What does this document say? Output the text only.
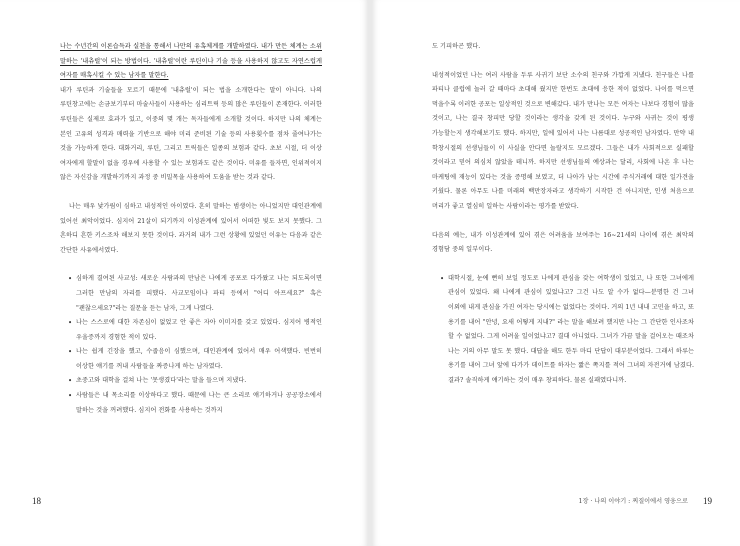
나는 수년간의 이론습득과 실천을 통해서 나만의 유혹체계를 개발하였다. 내가 만든 체계는 소위 말하는 '내츄럴'이 되는 방법이다. '내츄럴'이란 루틴이나 기술 등을 사용하지 않고도 자연스럽게 여자를 매혹시킬 수 있는 남자를 말한다.

내가 루틴과 기술들을 모르기 때문에 '내츄럴'이 되는 법을 소개한다는 말이 아니다. 나의 루틴창고에는 손금보기부터 마술사들이 사용하는 심리트릭 등의 많은 루틴들이 존재한다. 이러한 루틴들은 실제로 효과가 있고, 이중의 몇 개는 독자들에게 소개할 것이다. 하지만 나의 체계는 본인 고유의 성격과 매력을 기반으로 해야 미리 준비된 기술 등의 사용횟수를 점차 줄여나가는 것을 가능하게 한다. 대화거리, 루틴, 그리고 트릭들은 일종의 보험과 같다. 초보 시절, 더 이상 여자에게 할말이 없을 경우에 사용할 수 있는 보험과도 같은 것이다. 미유를 들자면, 인위적이지 않은 자신감을 개발하기까지 과정 중 비밀목을 사용하여 도움을 받는 것과 같다.

나는 매우 낯가림이 심하고 내성적인 아이였다. 혼히 말하는 범생이는 아니었지만 대인관계에 있어선 최악이었다. 심지어 21살이 되기까지 이성관계에 있어서 어떠한 빛도 보지 못했다. 그 흔하디 흔한 키스조차 해보지 못한 것이다. 과거의 내가 그런 상황에 있었던 이유는 다음과 같은 간단한 사유에서였다.

• 심하게 결여된 사교성: 새로운 사람과의 만남은 나에게 공포로 다가왔고 나는 되도록이면 그러한 만남의 자리를 피했다. 사교모임이나 파티 등에서 "어디 아프세요?" 혹은 "괜찮으세요?"라는 질문을 듣는 남자, 그게 나였다.
• 나는 스스로에 대한 자존심이 없었고 안 좋은 자아 이미지를 갖고 있었다. 심지어 병적인 우울증까지 경험한 적이 있다.
• 나는 쉽게 긴장을 했고, 수줍음이 심했으며, 대인관계에 있어서 매우 어색했다. 빈번히 이상한 얘기를 꺼내 사람들을 짜증나게 하는 남자였다.
• 초중고와 대학을 걸쳐 나는 '못생겼다'라는 말을 들으며 지냈다.
• 사람들은 내 목소리를 이상하다고 했다. 때문에 나는 큰 소리로 얘기하거나 공공장소에서 말하는 것을 꺼려했다. 심지어 전화를 사용하는 것까지
18

도 기피하곤 했다.

내성적이었던 나는 여러 사람을 두루 사귀기 보단 소수의 친구와 가깝게 지냈다. 친구들은 나를 파티나 클럽에 놀러 갈 때마다 초대해 줬지만 한번도 초대에 응한 적이 없었다. 나이를 먹으면 먹을수록 이러한 공포는 일상적인 것으로 변해갔다. 내가 만나는 모든 여자는 나보다 경험이 많을 것이고, 나는 결국 창피만 당할 것이라는 생각을 갖게 된 것이다. 누구와 사귀는 것이 평생 가능할는지 생각해보기도 했다. 하지만, 일에 있어서 나는 나름대로 성공적인 남자였다. 만약 내 학창시절의 선생님들이 이 사실을 안다면 놀랄지도 모르겠다. 그들은 내가 사회적으로 실패할 것이라고 믿어 의심치 않았을 테니까. 하지만 선생님들의 예상과는 달리, 사회에 나온 후 나는 마케팅에 재능이 있다는 것을 증명해 보였고, 더 나아가 남는 시간에 주식거래에 대한 일가견을 키웠다. 물론 아무도 나를 미래의 백만장자라고 생각하기 시작한 건 아니지만, 인생 처음으로 머리가 좋고 열심히 일하는 사람이라는 평가를 받았다.

다음의 예는, 내가 이성관계에 있어 겪은 어려움을 보여주는 16~21세의 나이에 겪은 최악의 경험담 중의 일부이다.

• 대학시절, 눈에 뻔히 보일 정도로 나에게 관심을 갖는 여학생이 있었고, 나 또한 그녀에게 관심이 있었다. 왜 나에게 관심이 있었냐고? 그건 나도 알 수가 없다—분명한 건 그녀 이외에 내게 관심을 가진 여자는 당시에는 없었다는 것이다. 거의 1년 내내 고민을 하고, 또 용기를 내어 "안녕, 요새 어떻게 지내?" 라는 말을 해보려 했지만 나는 그 간단한 인사조차 할 수 없었다. 그게 어려울 일이었냐고? 결대 아니었다. 그녀가 가끔 말을 걸어오는 때조차 나는 거의 아무 말도 못 했다. 대답을 해도 한두 마디 단답이 대부분이었다. 그래서 하루는 용기를 내어 그녀 앞에 다가가 데이트를 하자는 짧은 쪽지를 적어 그녀의 자전거에 남겼다. 결과? 솔직하게 얘기하는 것이 매우 창피하다. 물론 실패였다니까.
1장 · 나의 이야기 : 찌질이에서 영웅으로 19
